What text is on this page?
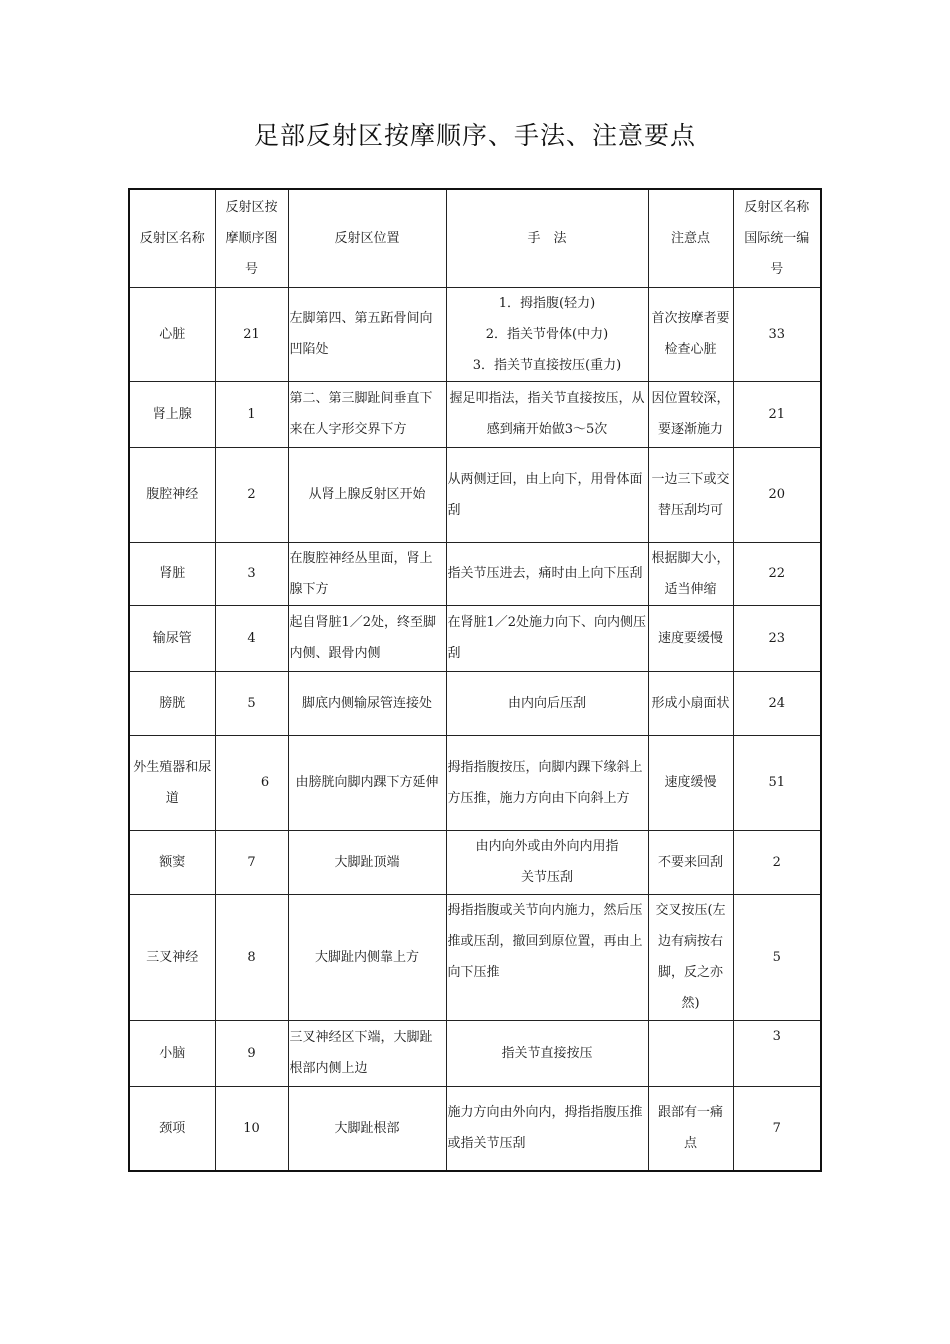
足部反射区按摩顺序、手法、注意要点
反射区名称	反射区按
摩顺序图
号	反射区位置	手　法	注意点	反射区名称
国际统一编
号

心脏	21	左脚第四、第五跖骨间向凹陷处	1．拇指腹(轻力)
2．指关节骨体(中力)
3．指关节直接按压(重力)	首次按摩者要检查心脏	33
肾上腺	1	第二、第三脚趾间垂直下来在人字形交界下方	握足叩指法，指关节直接按压，从感到痛开始做3～5次	因位置较深，要逐渐施力	21
腹腔神经	2	从肾上腺反射区开始	从两侧迂回，由上向下，用骨体面刮	一边三下或交替压刮均可	20
肾脏	3	在腹腔神经丛里面，肾上腺下方	指关节压进去，痛时由上向下压刮	根据脚大小，适当伸缩	22
输尿管	4	起自肾脏1／2处，终至脚内侧、跟骨内侧	在肾脏1／2处施力向下、向内侧压刮	速度要缓慢	23
膀胱	5	脚底内侧输尿管连接处	由内向后压刮	形成小扇面状	24
外生殖器和尿道	6	由膀胱向脚内踝下方延伸	拇指指腹按压，向脚内踝下缘斜上方压推，施力方向由下向斜上方	速度缓慢	51
额窦	7	大脚趾顶端	由内向外或由外向内用指关节压刮	不要来回刮	2
三叉神经	8	大脚趾内侧靠上方	拇指指腹或关节向内施力，然后压推或压刮，撤回到原位置，再由上向下压推	交叉按压(左边有病按右脚，反之亦然)	5
小脑	9	三叉神经区下端，大脚趾根部内侧上边	指关节直接按压		3
颈项	10	大脚趾根部	施力方向由外向内，拇指指腹压推或指关节压刮	跟部有一痛点	7
